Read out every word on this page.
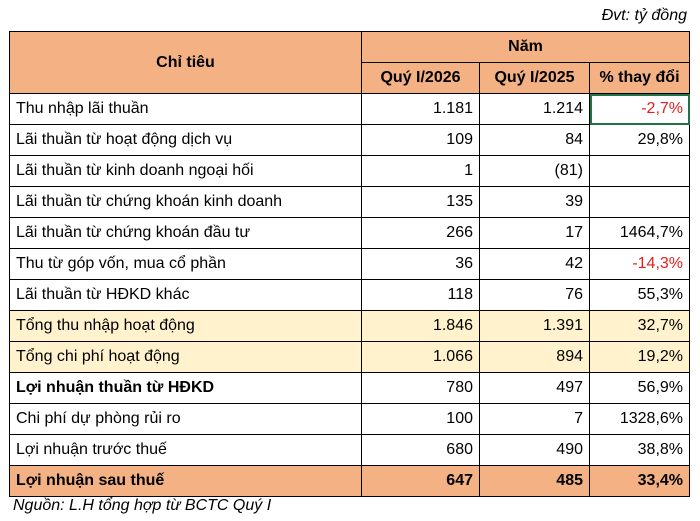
Đvt: tỷ đồng
Chỉ tiêu	Năm		
	Quý I/2026	Quý I/2025	% thay đổi
Thu nhập lãi thuần	1.181	1.214	-2,7%
Lãi thuần từ hoạt động dịch vụ	109	84	29,8%
Lãi thuần từ kinh doanh ngoại hối	1	(81)	
Lãi thuần từ chứng khoán kinh doanh	135	39	
Lãi thuần từ chứng khoán đầu tư	266	17	1464,7%
Thu từ góp vốn, mua cổ phần	36	42	-14,3%
Lãi thuần từ HĐKD khác	118	76	55,3%
Tổng thu nhập hoạt động	1.846	1.391	32,7%
Tổng chi phí hoạt động	1.066	894	19,2%
Lợi nhuận thuần từ HĐKD	780	497	56,9%
Chi phí dự phòng rủi ro	100	7	1328,6%
Lợi nhuận trước thuế	680	490	38,8%
Lợi nhuận sau thuế	647	485	33,4%
Nguồn: L.H tổng hợp từ BCTC Quý I
